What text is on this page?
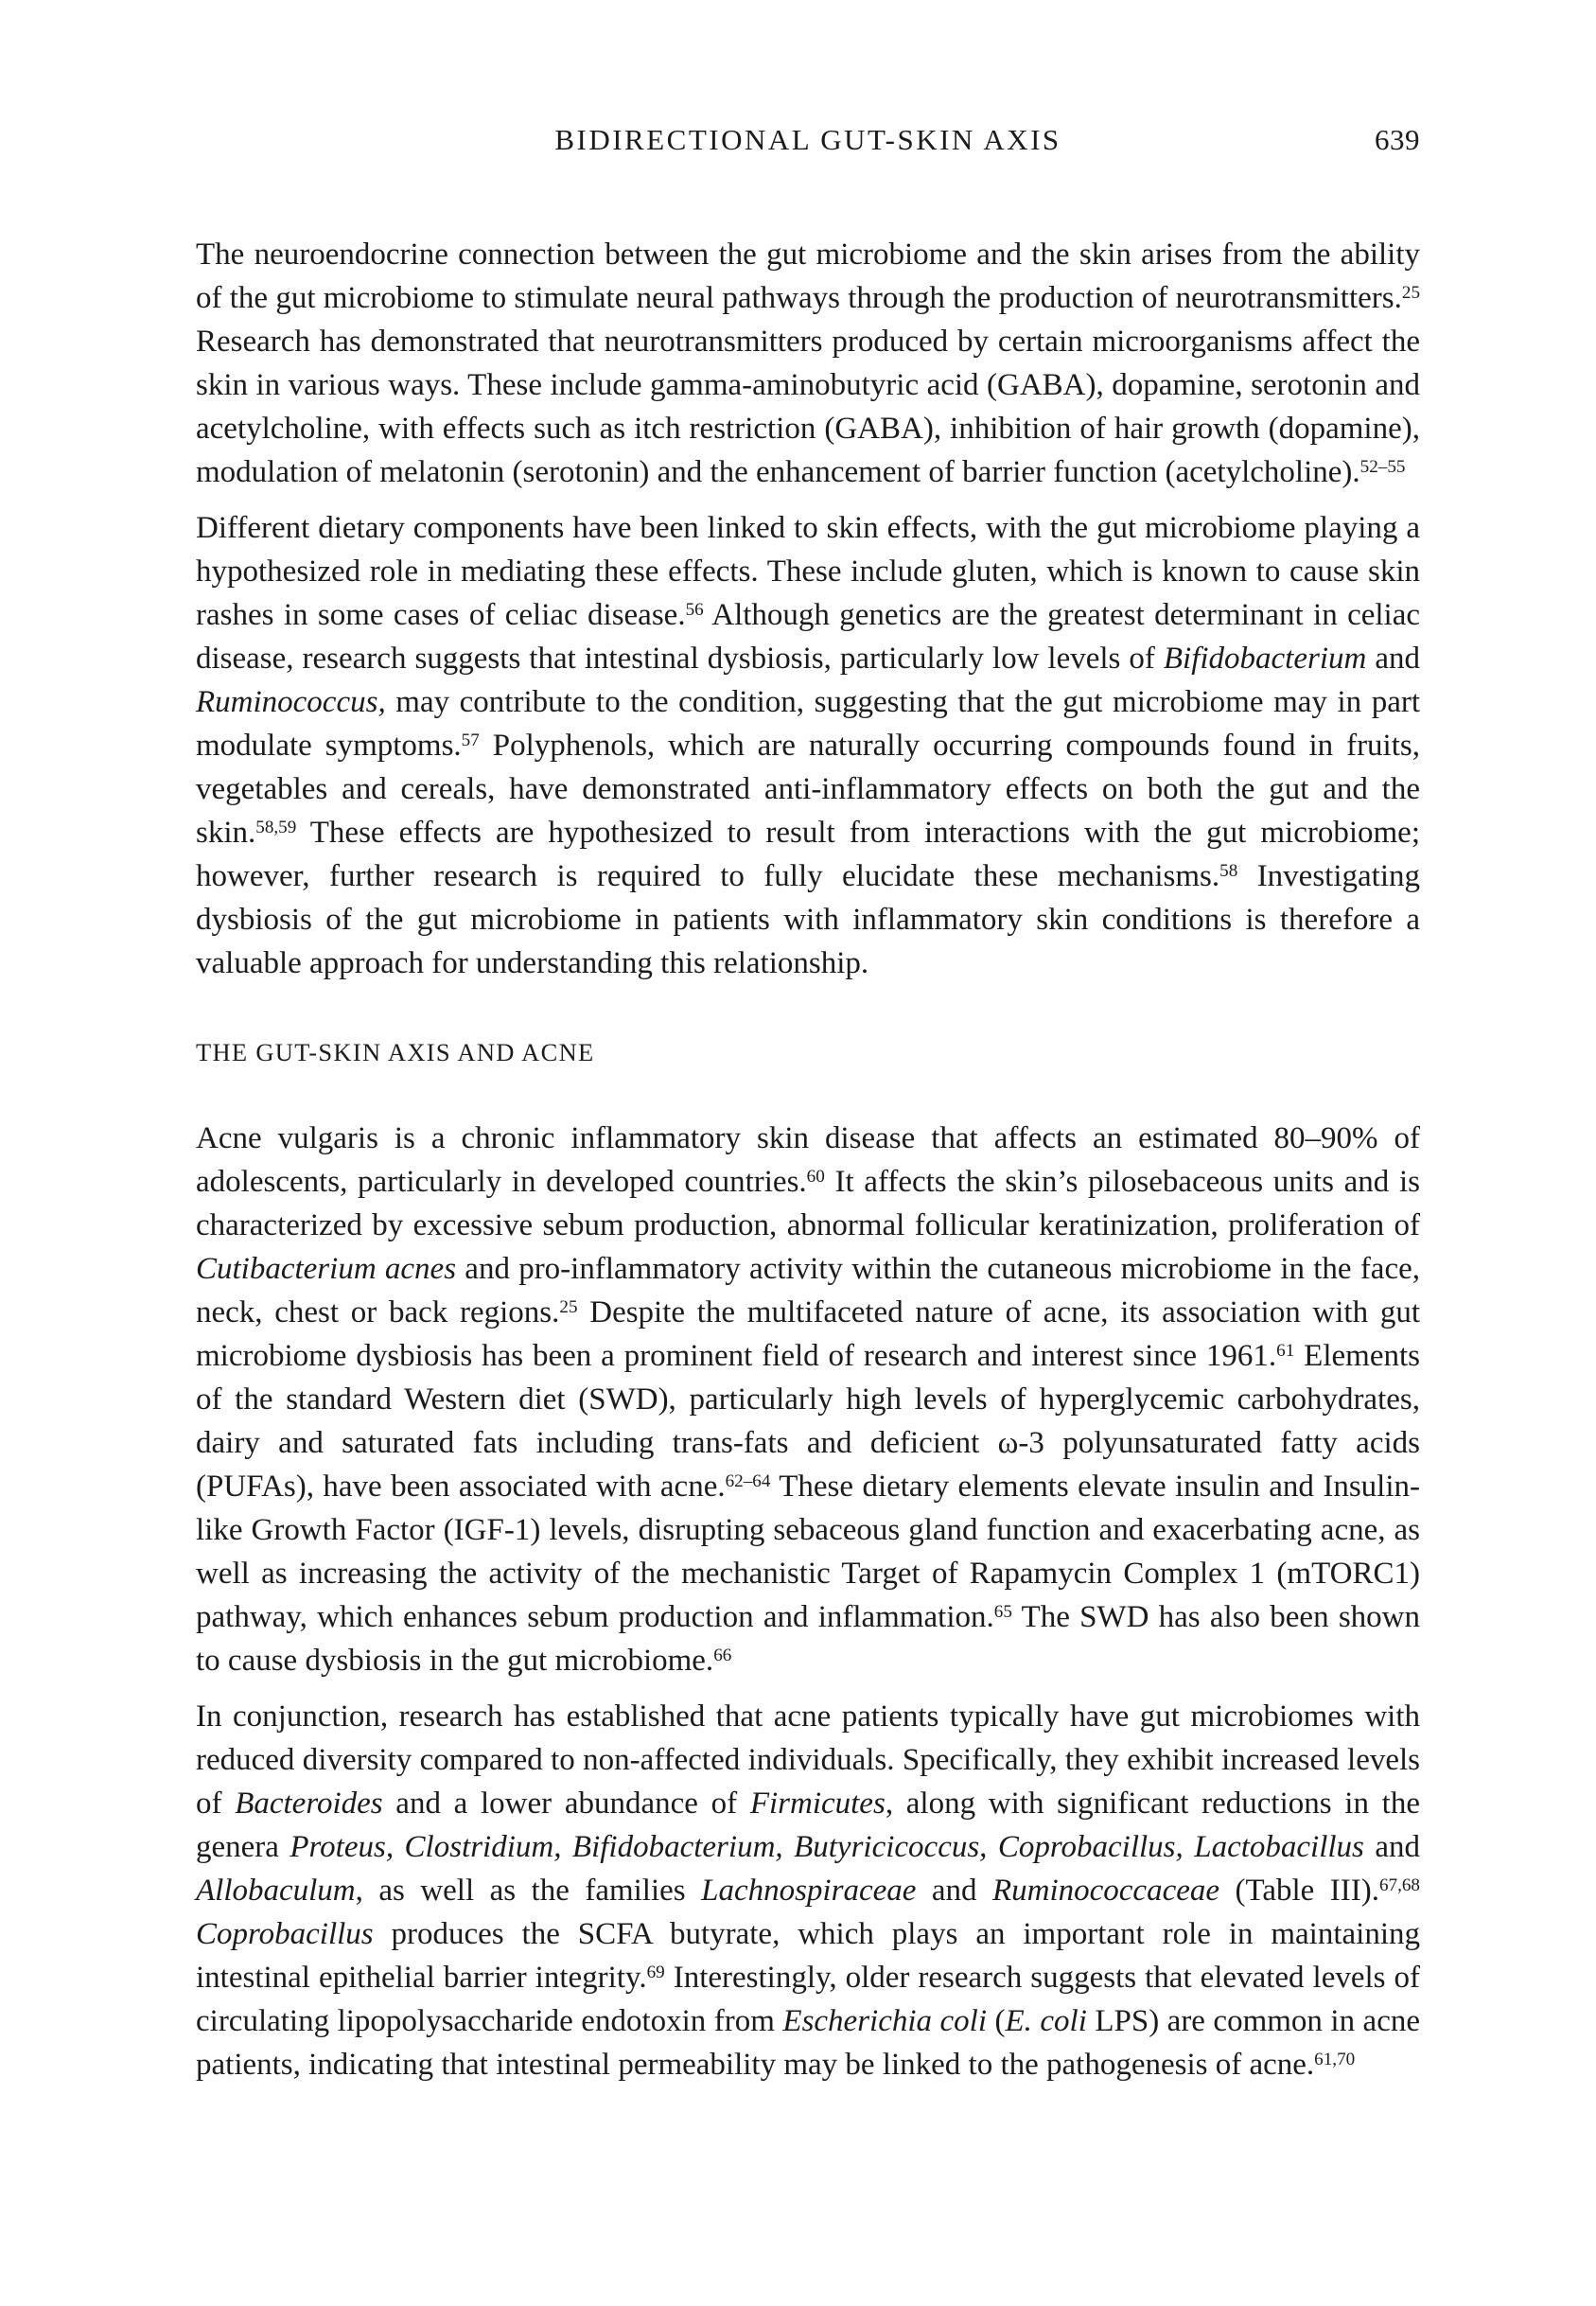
BIDIRECTIONAL GUT-SKIN AXIS	639

The neuroendocrine connection between the gut microbiome and the skin arises from the ability of the gut microbiome to stimulate neural pathways through the production of neurotransmitters.$^{25}$ Research has demonstrated that neurotransmitters produced by certain microorganisms affect the skin in various ways. These include gamma-aminobutyric acid (GABA), dopamine, serotonin and acetylcholine, with effects such as itch restriction (GABA), inhibition of hair growth (dopamine), modulation of melatonin (serotonin) and the enhancement of barrier function (acetylcholine).$^{52-55}$

Different dietary components have been linked to skin effects, with the gut microbiome playing a hypothesized role in mediating these effects. These include gluten, which is known to cause skin rashes in some cases of celiac disease.$^{56}$ Although genetics are the greatest determinant in celiac disease, research suggests that intestinal dysbiosis, particularly low levels of Bifidobacterium and Ruminococcus, may contribute to the condition, suggesting that the gut microbiome may in part modulate symptoms.$^{57}$ Polyphenols, which are naturally occurring compounds found in fruits, vegetables and cereals, have demonstrated anti-inflammatory effects on both the gut and the skin.$^{58,59}$ These effects are hypothesized to result from interactions with the gut microbiome; however, further research is required to fully elucidate these mechanisms.$^{58}$ Investigating dysbiosis of the gut microbiome in patients with inflammatory skin conditions is therefore a valuable approach for understanding this relationship.

THE GUT-SKIN AXIS AND ACNE

Acne vulgaris is a chronic inflammatory skin disease that affects an estimated 80–90% of adolescents, particularly in developed countries.$^{60}$ It affects the skin’s pilosebaceous units and is characterized by excessive sebum production, abnormal follicular keratinization, proliferation of Cutibacterium acnes and pro-inflammatory activity within the cutaneous microbiome in the face, neck, chest or back regions.$^{25}$ Despite the multifaceted nature of acne, its association with gut microbiome dysbiosis has been a prominent field of research and interest since 1961.61 Elements of the standard Western diet (SWD), particularly high levels of hyperglycemic carbohydrates, dairy and saturated fats including trans-fats and deficient ω-3 polyunsaturated fatty acids (PUFAs), have been associated with acne.$^{62-64}$ These dietary elements elevate insulin and Insulin-like Growth Factor (IGF-1) levels, disrupting sebaceous gland function and exacerbating acne, as well as increasing the activity of the mechanistic Target of Rapamycin Complex 1 (mTORC1) pathway, which enhances sebum production and inflammation.$^{65}$ The SWD has also been shown to cause dysbiosis in the gut microbiome.$^{66}$

In conjunction, research has established that acne patients typically have gut microbiomes with reduced diversity compared to non-affected individuals. Specifically, they exhibit increased levels of Bacteroides and a lower abundance of Firmicutes, along with significant reductions in the genera Proteus, Clostridium, Bifidobacterium, Butyricicoccus, Coprobacillus, Lactobacillus and Allobaculum, as well as the families Lachnospiraceae and Ruminococcaceae (Table III).$^{67,68}$ Coprobacillus produces the SCFA butyrate, which plays an important role in maintaining intestinal epithelial barrier integrity.$^{69}$ Interestingly, older research suggests that elevated levels of circulating lipopolysaccharide endotoxin from Escherichia coli (E. coli LPS) are common in acne patients, indicating that intestinal permeability may be linked to the pathogenesis of acne.$^{61,70}$
